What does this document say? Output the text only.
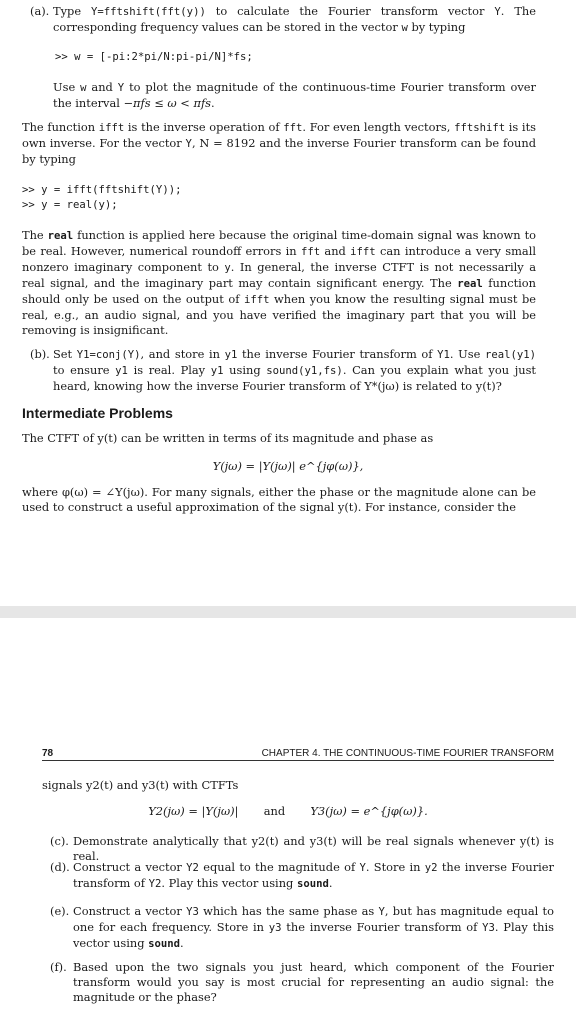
(a). Type Y=fftshift(fft(y)) to calculate the Fourier transform vector Y. The corresponding frequency values can be stored in the vector w by typing
>> w = [-pi:2*pi/N:pi-pi/N]*fs;
Use w and Y to plot the magnitude of the continuous-time Fourier transform over the interval −πfs ≤ ω < πfs.
The function ifft is the inverse operation of fft. For even length vectors, fftshift is its own inverse. For the vector Y, N = 8192 and the inverse Fourier transform can be found by typing
>> y = ifft(fftshift(Y));
>> y = real(y);
The real function is applied here because the original time-domain signal was known to be real. However, numerical roundoff errors in fft and ifft can introduce a very small nonzero imaginary component to y. In general, the inverse CTFT is not necessarily a real signal, and the imaginary part may contain significant energy. The real function should only be used on the output of ifft when you know the resulting signal must be real, e.g., an audio signal, and you have verified the imaginary part that you will be removing is insignificant.
(b). Set Y1=conj(Y), and store in y1 the inverse Fourier transform of Y1. Use real(y1) to ensure y1 is real. Play y1 using sound(y1,fs). Can you explain what you just heard, knowing how the inverse Fourier transform of Y*(jω) is related to y(t)?
Intermediate Problems
The CTFT of y(t) can be written in terms of its magnitude and phase as
Y(jω) = |Y(jω)| e^{jφ(ω)},
where φ(ω) = ∠Y(jω). For many signals, either the phase or the magnitude alone can be used to construct a useful approximation of the signal y(t). For instance, consider the
78	CHAPTER 4. THE CONTINUOUS-TIME FOURIER TRANSFORM
signals y2(t) and y3(t) with CTFTs
Y2(jω) = |Y(jω)| and Y3(jω) = e^{jφ(ω)}.
(c). Demonstrate analytically that y2(t) and y3(t) will be real signals whenever y(t) is real.
(d). Construct a vector Y2 equal to the magnitude of Y. Store in y2 the inverse Fourier transform of Y2. Play this vector using sound.
(e). Construct a vector Y3 which has the same phase as Y, but has magnitude equal to one for each frequency. Store in y3 the inverse Fourier transform of Y3. Play this vector using sound.
(f). Based upon the two signals you just heard, which component of the Fourier transform would you say is most crucial for representing an audio signal: the magnitude or the phase?
